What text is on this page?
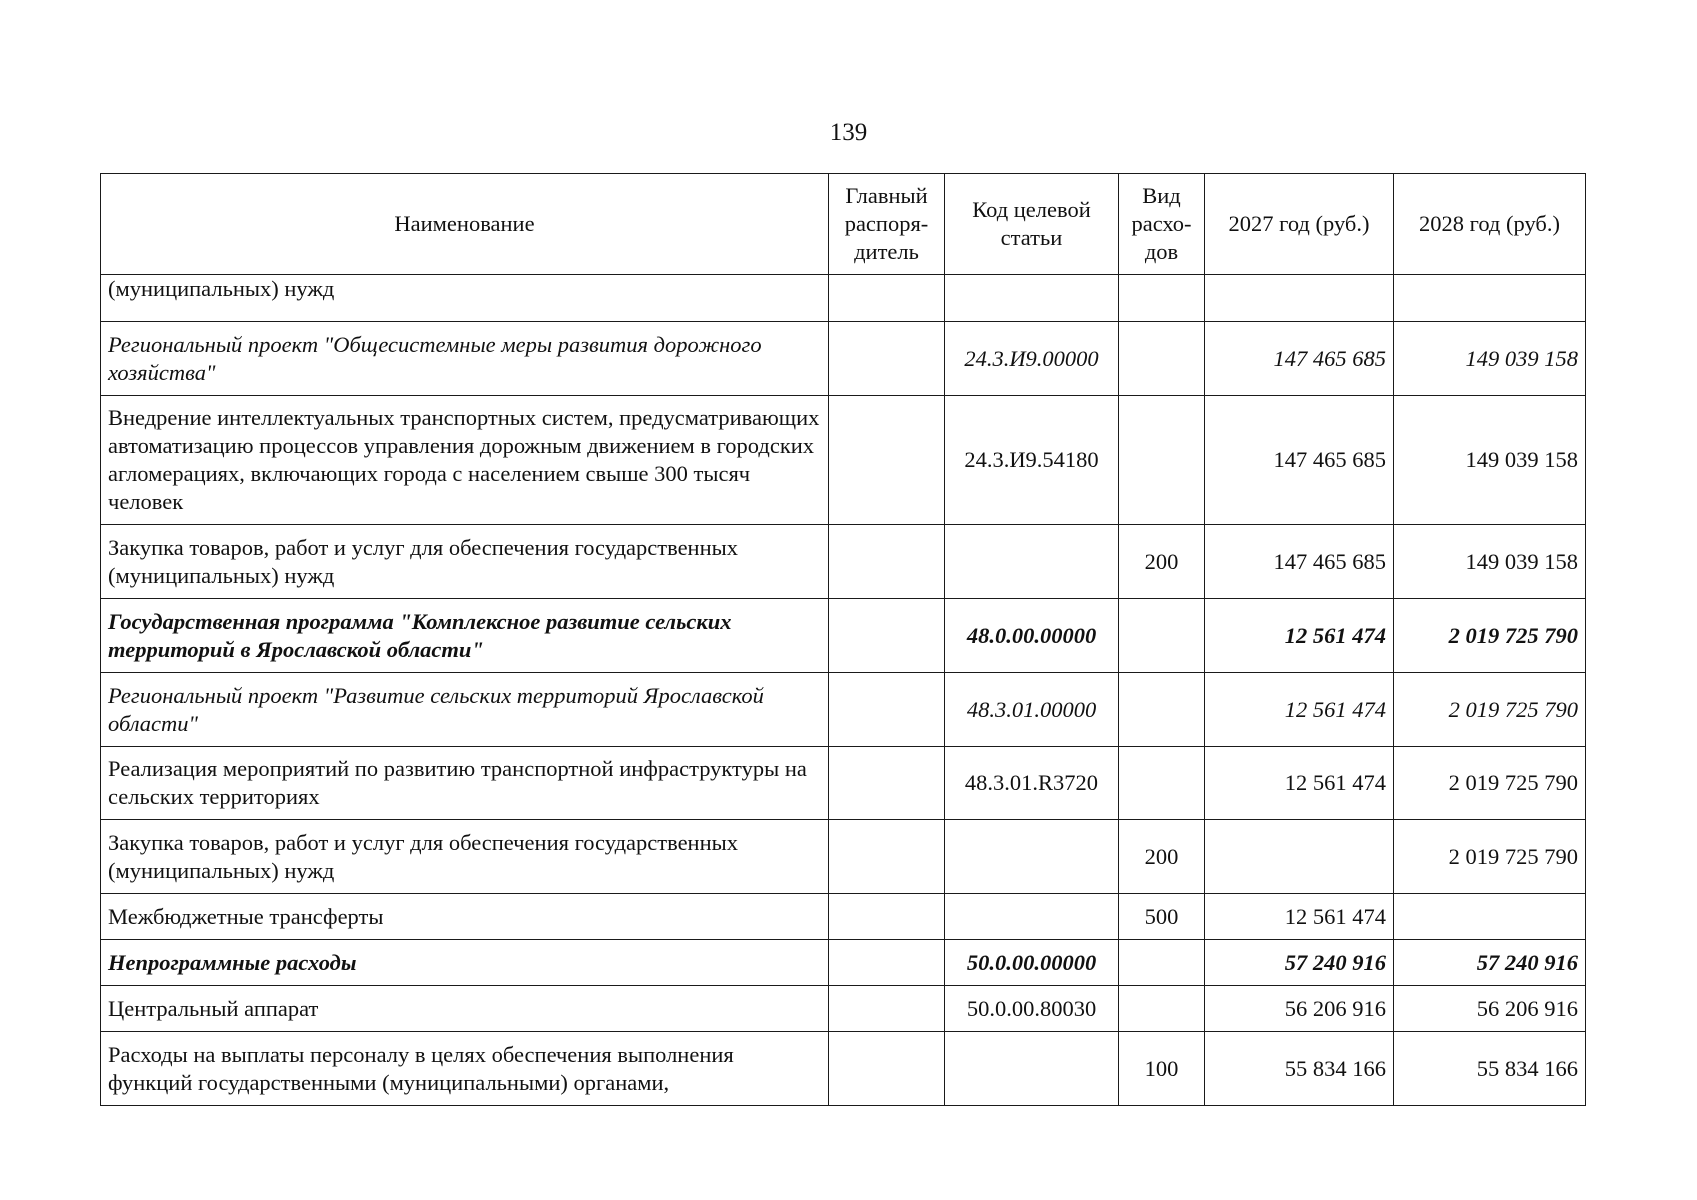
139
Наименование	Главный распоря- дитель	Код целевой статьи	Вид расхо- дов	2027 год (руб.)	2028 год (руб.)
(муниципальных) нужд					
Региональный проект "Общесистемные меры развития дорожного хозяйства"		24.3.И9.00000		147 465 685	149 039 158
Внедрение интеллектуальных транспортных систем, предусматривающих автоматизацию процессов управления дорожным движением в городских агломерациях, включающих города с населением свыше 300 тысяч человек		24.3.И9.54180		147 465 685	149 039 158
Закупка товаров, работ и услуг для обеспечения государственных (муниципальных) нужд			200	147 465 685	149 039 158
Государственная программа "Комплексное развитие сельских территорий в Ярославской области"		48.0.00.00000		12 561 474	2 019 725 790
Региональный проект "Развитие сельских территорий Ярославской области"		48.3.01.00000		12 561 474	2 019 725 790
Реализация мероприятий по развитию транспортной инфраструктуры на сельских территориях		48.3.01.R3720		12 561 474	2 019 725 790
Закупка товаров, работ и услуг для обеспечения государственных (муниципальных) нужд			200		2 019 725 790
Межбюджетные трансферты			500	12 561 474	
Непрограммные расходы		50.0.00.00000		57 240 916	57 240 916
Центральный аппарат		50.0.00.80030		56 206 916	56 206 916
Расходы на выплаты персоналу в целях обеспечения выполнения функций государственными (муниципальными) органами,			100	55 834 166	55 834 166
